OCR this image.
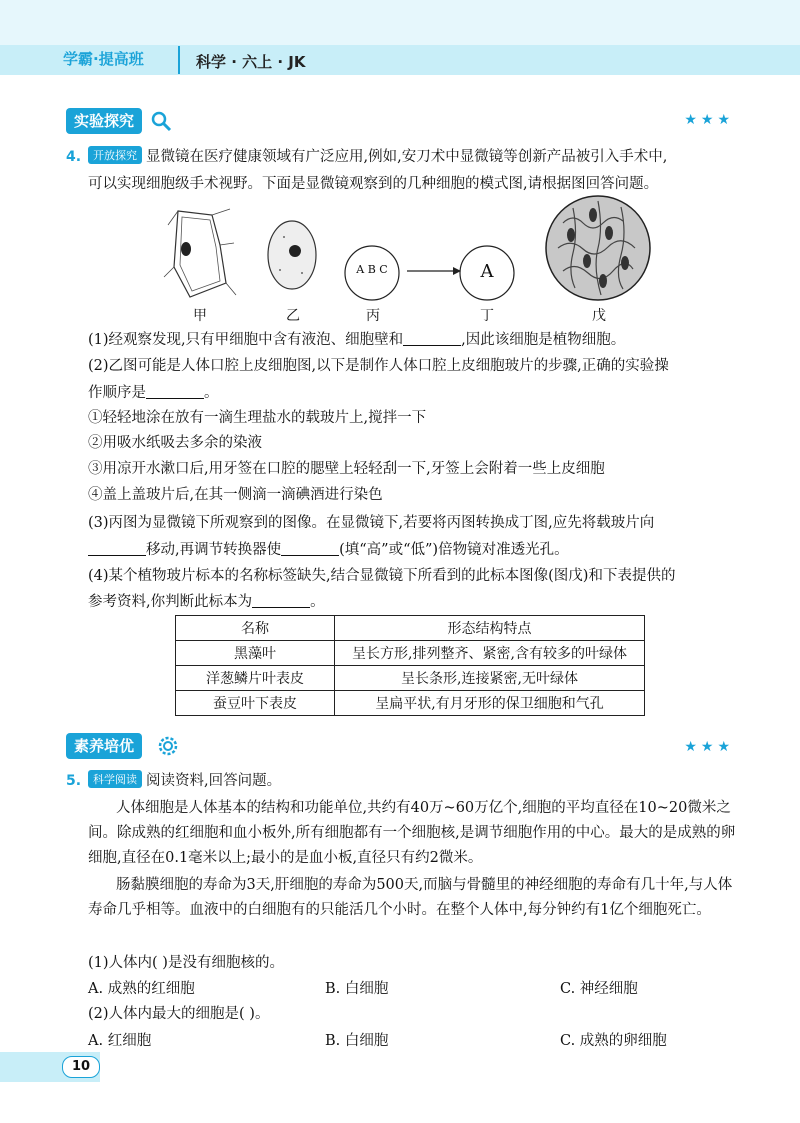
学霸·提高班	科学 · 六上 · JK
实验探究	★★★
4.	开放探究 显微镜在医疗健康领域有广泛应用,例如,安刀术中显微镜等创新产品被引入手术中,
可以实现细胞级手术视野。下面是显微镜观察到的几种细胞的模式图,请根据图回答问题。
A B C	A
甲	乙	丙	丁	戊
(1)经观察发现,只有甲细胞中含有液泡、细胞壁和	,因此该细胞是植物细胞。
(2)乙图可能是人体口腔上皮细胞图,以下是制作人体口腔上皮细胞玻片的步骤,正确的实验操
作顺序是	。
①轻轻地涂在放有一滴生理盐水的载玻片上,搅拌一下
②用吸水纸吸去多余的染液
③用凉开水漱口后,用牙签在口腔的腮壁上轻轻刮一下,牙签上会附着一些上皮细胞
④盖上盖玻片后,在其一侧滴一滴碘酒进行染色
(3)丙图为显微镜下所观察到的图像。在显微镜下,若要将丙图转换成丁图,应先将载玻片向
移动,再调节转换器使	(填“高”或“低”)倍物镜对准透光孔。
(4)某个植物玻片标本的名称标签缺失,结合显微镜下所看到的此标本图像(图戊)和下表提供的
参考资料,你判断此标本为	。
名称	形态结构特点
黑藻叶	呈长方形,排列整齐、紧密,含有较多的叶绿体
洋葱鳞片叶表皮	呈长条形,连接紧密,无叶绿体
蚕豆叶下表皮	呈扁平状,有月牙形的保卫细胞和气孔
素养培优	★★★
5.	科学阅读 阅读资料,回答问题。
人体细胞是人体基本的结构和功能单位,共约有40万~60万亿个,细胞的平均直径在10~20微米之间。除成熟的红细胞和血小板外,所有细胞都有一个细胞核,是调节细胞作用的中心。最大的是成熟的卵细胞,直径在0.1毫米以上;最小的是血小板,直径只有约2微米。
肠黏膜细胞的寿命为3天,肝细胞的寿命为500天,而脑与骨髓里的神经细胞的寿命有几十年,与人体寿命几乎相等。血液中的白细胞有的只能活几个小时。在整个人体中,每分钟约有1亿个细胞死亡。
(1)人体内( )是没有细胞核的。
A. 成熟的红细胞	B. 白细胞	C. 神经细胞
(2)人体内最大的细胞是( )。
A. 红细胞	B. 白细胞	C. 成熟的卵细胞
10
